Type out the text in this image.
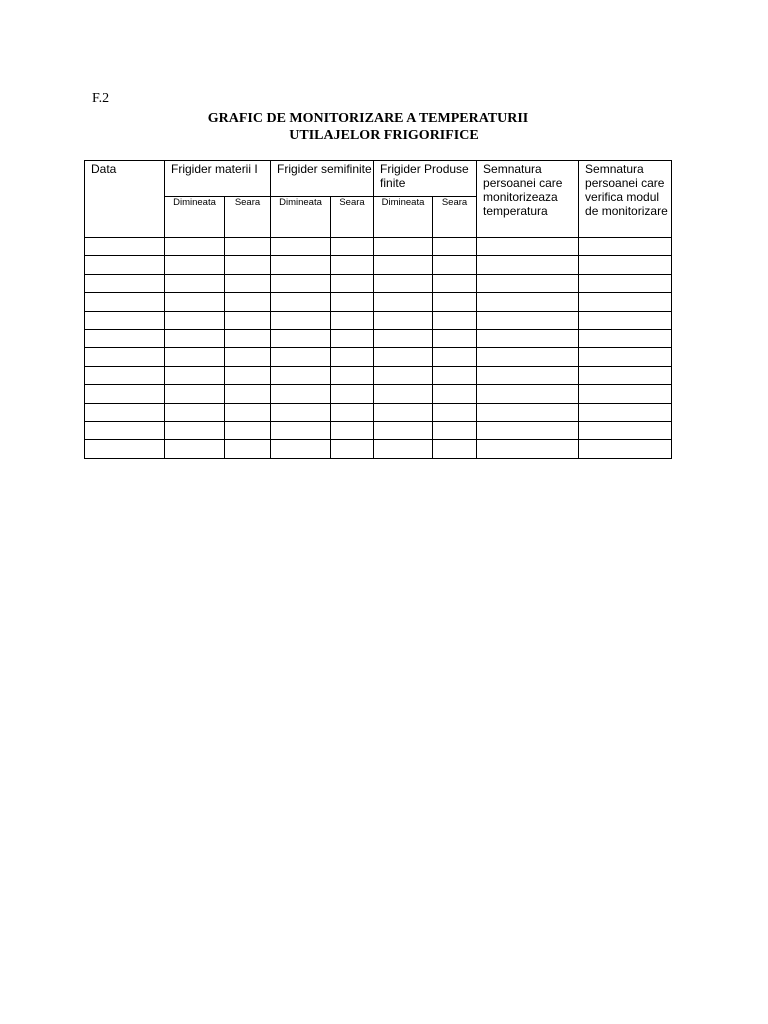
F.2
GRAFIC DE MONITORIZARE A TEMPERATURII
UTILAJELOR FRIGORIFICE
Data	Frigider materii I		Frigider semifinite		Frigider Produse finite		Semnatura persoanei care monitorizeaza temperatura	Semnatura persoanei care verifica modul de monitorizare

	Dimineata	Seara	Dimineata	Seara	Dimineata	Seara		
